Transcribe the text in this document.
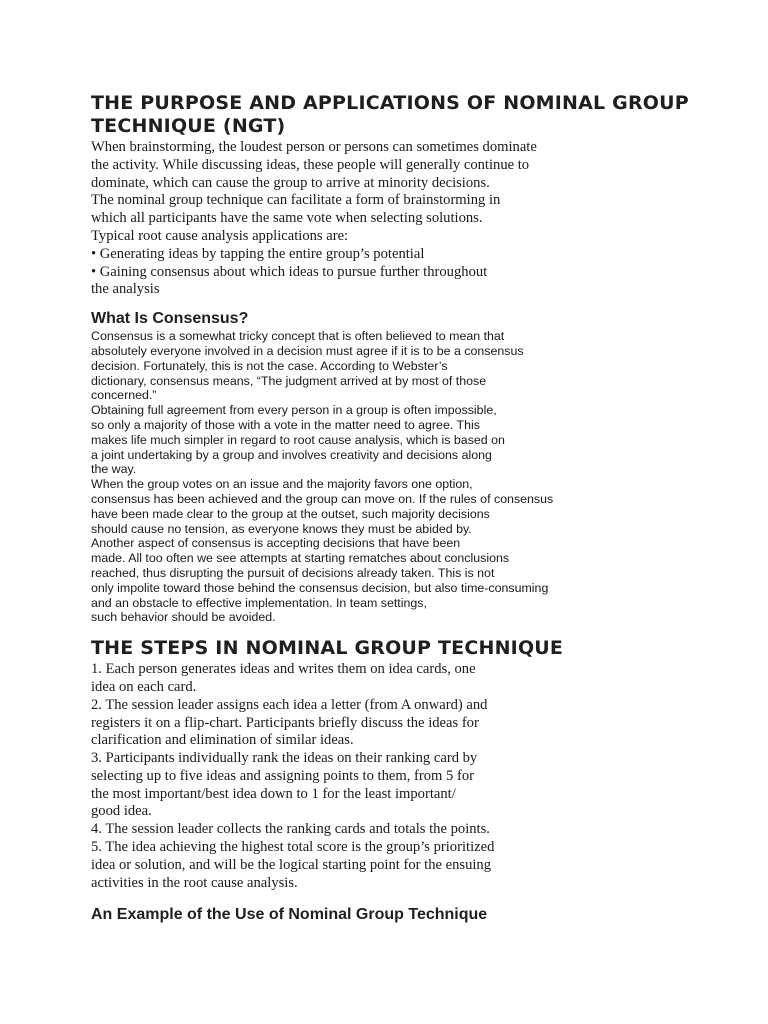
THE PURPOSE AND APPLICATIONS OF NOMINAL GROUP
TECHNIQUE (NGT)

When brainstorming, the loudest person or persons can sometimes dominate
the activity. While discussing ideas, these people will generally continue to
dominate, which can cause the group to arrive at minority decisions.
The nominal group technique can facilitate a form of brainstorming in
which all participants have the same vote when selecting solutions.
Typical root cause analysis applications are:
• Generating ideas by tapping the entire group’s potential
• Gaining consensus about which ideas to pursue further throughout
the analysis

What Is Consensus?

Consensus is a somewhat tricky concept that is often believed to mean that
absolutely everyone involved in a decision must agree if it is to be a consensus
decision. Fortunately, this is not the case. According to Webster’s
dictionary, consensus means, “The judgment arrived at by most of those
concerned.”
Obtaining full agreement from every person in a group is often impossible,
so only a majority of those with a vote in the matter need to agree. This
makes life much simpler in regard to root cause analysis, which is based on
a joint undertaking by a group and involves creativity and decisions along
the way.
When the group votes on an issue and the majority favors one option,
consensus has been achieved and the group can move on. If the rules of consensus
have been made clear to the group at the outset, such majority decisions
should cause no tension, as everyone knows they must be abided by.
Another aspect of consensus is accepting decisions that have been
made. All too often we see attempts at starting rematches about conclusions
reached, thus disrupting the pursuit of decisions already taken. This is not
only impolite toward those behind the consensus decision, but also time-consuming
and an obstacle to effective implementation. In team settings,
such behavior should be avoided.

THE STEPS IN NOMINAL GROUP TECHNIQUE

1. Each person generates ideas and writes them on idea cards, one
idea on each card.
2. The session leader assigns each idea a letter (from A onward) and
registers it on a flip-chart. Participants briefly discuss the ideas for
clarification and elimination of similar ideas.
3. Participants individually rank the ideas on their ranking card by
selecting up to five ideas and assigning points to them, from 5 for
the most important/best idea down to 1 for the least important/
good idea.
4. The session leader collects the ranking cards and totals the points.
5. The idea achieving the highest total score is the group’s prioritized
idea or solution, and will be the logical starting point for the ensuing
activities in the root cause analysis.

An Example of the Use of Nominal Group Technique
